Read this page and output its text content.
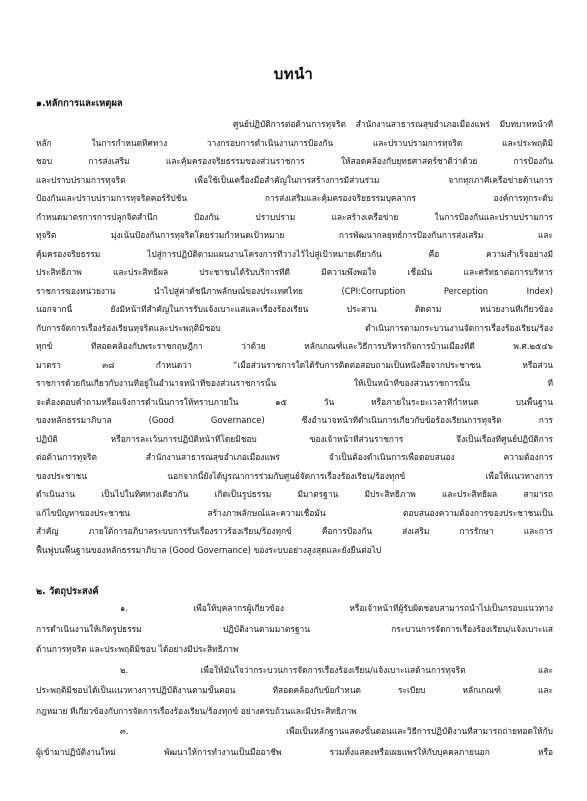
บทนำ
๑.หลักการและเหตุผล
ศูนย์ปฏิบัติการต่อต้านการทุจริต สำนักงานสาธารณสุขอำเภอเมืองแพร่ มีบทบาทหน้าที่
หลัก ในการกำหนดทิศทาง วางกรอบการดำเนินงานการป้องกัน และปราบปรามการทุจริต และประพฤติมิ
ชอบ การส่งเสริม และคุ้มครองจริยธรรมของส่วนราชการ ให้สอดคล้องกับยุทธศาสตร์ชาติว่าด้วย การป้องกัน
และปราบปรามการทุจริต เพื่อใช้เป็นเครื่องมือสำคัญในการสร้างการมีส่วนร่วม จากทุกภาคีเครือข่ายด้านการ
ป้องกันและปราบปรามการทุจริตคอร์รัปชั่น การส่งเสริมและคุ้มครองจริยธรรมบุคลากร องค์การทุกระดับ
กำหนดมาตรการการปลูกจิตสำนึก ป้องกัน ปราบปราม และสร้างเครือข่าย ในการป้องกันและปราบปรามการ
ทุจริต มุ่งเน้นป้องกันการทุจริตโดยร่วมกำหนดเป้าหมาย การพัฒนากลยุทธ์การป้องกันการส่งเสริม และ
คุ้มครองจริยธรรม ไปสู่การปฏิบัติตามแผนงานโครงการที่วางไว้ไปสู่เป้าหมายเดียวกัน คือ ความสำเร็จอย่างมี
ประสิทธิภาพ และประสิทธิผล ประชาชนได้รับบริการที่ดี มีความพึงพอใจ เชื่อมั่น และศรัทธาต่อการบริหาร
ราชการของหน่วยงาน นำไปสู่ค่าดัชนีภาพลักษณ์ของประเทศไทย (CPI:Corruption Perception Index)
นอกจากนี้ ยังมีหน้าที่สำคัญในการรับแจ้งเบาะแสและเรื่องร้องเรียน ประสาน ติดตาม หน่วยงานที่เกี่ยวข้อง
กับการจัดการเรื่องร้องเรียนทุจริตและประพฤติมิชอบ ดำเนินการตามกระบวนงานจัดการเรื่องร้องเรียน/ร้อง
ทุกข์ ที่สอดคล้องกับพระราชกฤษฎีกา ว่าด้วย หลักเกณฑ์และวิธีการบริหารกิจการบ้านเมืองที่ดี พ.ศ.๒๕๔๖
มาตรา ๓๘ กำหนดว่า “เมื่อส่วนราชการใดได้รับการติดต่อสอบถามเป็นหนังสือจากประชาชน หรือส่วน
ราชการด้วยกันเกี่ยวกับงานที่อยู่ในอำนาจหน้าที่ของส่วนราชการนั้น ให้เป็นหน้าที่ของส่วนราชการนั้น ที่
จะต้องตอบคำถามหรือแจ้งการดำเนินการให้ทราบภายใน ๑๕ วัน หรือภายในระยะเวลาที่กำหนด บนพื้นฐาน
ของหลักธรรมาภิบาล (Good Governance) ซึ่งอำนาจหน้าที่ดำเนินการเกี่ยวกับข้อร้องเรียนการทุจริต การ
ปฏิบัติ หรือการละเว้นการปฏิบัติหน้าที่โดยมิชอบ ของเจ้าหน้าที่ส่วนราชการ จึงเป็นเรื่องที่ศูนย์ปฏิบัติการ
ต่อต้านการทุจริต สำนักงานสาธารณสุขอำเภอเมืองแพร่ จำเป็นต้องดำเนินการเพื่อตอบสนอง ความต้องการ
ของประชาชน นอกจากนี้ยังได้บูรณาการร่วมกับศูนย์จัดการเรื่องร้องเรียน/ร้องทุกข์ เพื่อให้แนวทางการ
ดำเนินงาน เป็นไปในทิศทางเดียวกัน เกิดเป็นรูปธรรม มีมาตรฐาน มีประสิทธิภาพ และประสิทธิผล สามารถ
แก้ไขปัญหาของประชาชน สร้างภาพลักษณ์และความเชื่อมั่น ตอบสนองความต้องการของประชาชนเป็น
สำคัญ ภายใต้การอภิบาลระบบการรับเรื่องราวร้องเรียน/ร้องทุกข์ คือการป้องกัน ส่งเสริม การรักษา และการ
ฟื้นฟูบนพื้นฐานของหลักธรรมาภิบาล (Good Governance) ของระบบอย่างสูงสุดและยั่งยืนต่อไป
๒. วัตถุประสงค์
๑. เพื่อให้บุคลากรผู้เกี่ยวข้อง หรือเจ้าหน้าที่ผู้รับผิดชอบสามารถนำไปเป็นกรอบแนวทาง
การดำเนินงานให้เกิดรูปธรรม ปฏิบัติงานตามมาตรฐาน กระบวนการจัดการเรื่องร้องเรียน/แจ้งเบาะแส
ด้านการทุจริต และประพฤติมิชอบ ได้อย่างมีประสิทธิภาพ
๒. เพื่อให้มั่นใจว่ากระบวนการจัดการเรื่องร้องเรียน/แจ้งเบาะแสด้านการทุจริต และ
ประพฤติมิชอบได้เป็นแนวทางการปฏิบัติงานตามขั้นตอน ที่สอดคล้องกับข้อกำหนด ระเบียบ หลักเกณฑ์ และ
กฎหมาย ที่เกี่ยวข้องกับการจัดการเรื่องร้องเรียน/ร้องทุกข์ อย่างครบถ้วนและมีประสิทธิภาพ
๓. เพื่อเป็นหลักฐานแสดงขั้นตอนและวิธีการปฏิบัติงานที่สามารถถ่ายทอดให้กับ
ผู้เข้ามาปฏิบัติงานใหม่ พัฒนาให้การทำงานเป็นมืออาชีพ รวมทั้งแสดงหรือเผยแพร่ให้กับบุคคลภายนอก หรือ
